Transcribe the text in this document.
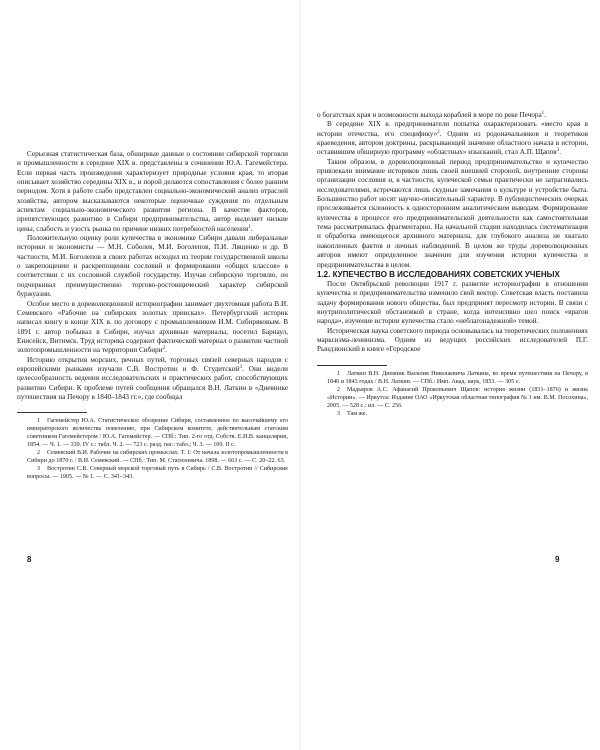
Серьезная статистическая база, обширные данные о состоянии сибирской торговли и промышленности в середине XIX в. представлены в сочинении Ю.А. Гагемейстера. Если первая часть произведения характеризует природные условия края, то вторая описывает хозяйство середины XIX в., и порой делаются сопоставления с более ранним периодом. Хотя в работе слабо представлен социально-экономический анализ отраслей хозяйства, автором высказываются некоторые оценочные суждения по отдельным аспектам социально-экономического развития региона. В качестве факторов, препятствующих развитию в Сибири предпринимательства, автор выделяет низкие цены, слабость и узость рынка по причине низких потребностей населения$^1$.

Положительную оценку роли купечества в экономике Сибири давали либеральные историки и экономисты — М.Н. Соболев, М.И. Боголепов, П.И. Лященко и др. В частности, М.И. Боголепов в своих работах исходил из теории государственной школы о закрепощении и раскрепощении сословий и формировании «общих классов» в соответствии с их сословной службой государству. Изучая сибирскую торговлю, он подчеркивал преимущественно торгово-ростовщический характер сибирской буржуазии.

Особое место в дореволюционной историографии занимает двухтомная работа В.И. Семевского «Рабочие на сибирских золотых приисках». Петербургский историк написал книгу в конце XIX в. по договору с промышленником И.М. Сибиряковым. В 1891 г. автор побывал в Сибири, изучал архивные материалы, посетил Барнаул, Енисейск, Витимск. Труд историка содержит фактический материал о развитии частной золотопромышленности на территории Сибири$^2$.

Историю открытия морских, речных путей, торговых связей северных народов с европейскими рынками изучали С.В. Востротин и Ф. Студитский$^3$. Они видели целесообразность ведения исследовательских и практических работ, способствующих развитию Сибири. К проблеме путей сообщения обращался В.Н. Латкин в «Дневнике путешествия на Печору в 1840–1843 гг.», где сообщал

1 Гагемейстер Ю.А. Статистическое обозрение Сибири, составленное по высочайшему его императорского величества повелению, при Сибирском комитете, действительным статским советником Гагемейстером / Ю.А. Гагемейстер. — СПб.: Тип. 2-го отд. Собств. Е.И.В. канцелярии, 1854. — Ч. 1. — 339. IV с.: табл. Ч. 2. — 723 с. разд. паг.: табл.; Ч. 3. — 109. II с.

2 Семевский В.И. Рабочие на сибирских промыслах. Т. 1: От начала золотопромышленности в Сибири до 1870 г. / В.И. Семевский. — СПб.: Тип. М. Стасюлевича. 1898. — 663 с. — С. 20–22. 63.

3 Востротин С.В. Северный морской торговый путь в Сибирь / С.В. Востротин // Сибирские вопросы. — 1905. — № 1. — С. 341–343.

8

о богатствах края и возможности выхода кораблей в море по реке Печора$^1$.

В середине XIX в. предприниматели попытка охарактеризовать «место края в истории отечества, его специфику»$^2$. Одним из родоначальников и теоретиков краеведения, автором доктрины, раскрывающей значение областного начала в истории, оставившим обширную программу «областных» изысканий, стал А.П. Щапов$^3$.

Таким образом, в дореволюционный период предпринимательство и купечество привлекали внимание историков лишь своей внешней стороной, внутренние стороны организации сословия и, в частности, купеческой семьи практически не затрагивались исследователями, встречаются лишь скудные замечания о культуре и устройстве быта. Большинство работ носят научно-описательный характер. В публицистических очерках прослеживается склонность к односторонним аналитическим выводам. Формирование купечества в процессе его предпринимательской деятельности как самостоятельная тема рассматривалась фрагментарно. На начальной стадии находилась систематизация и обработка имеющегося архивного материала, для глубокого анализа не хватало накопленных фактов и личных наблюдений. В целом же труды дореволюционных авторов имеют определенное значение для изучения истории купечества и предпринимательства в целом.

1.2. КУПЕЧЕСТВО В ИССЛЕДОВАНИЯХ СОВЕТСКИХ УЧЕНЫХ

После Октябрьской революции 1917 г. развитие историографии в отношении купечества и предпринимательства изменило свой вектор. Советская власть поставила задачу формирования нового общества, был предпринят пересмотр истории. В связи с внутриполитической обстановкой в стране, когда интенсивно шел поиск «врагов народа», изучение истории купечества стало «неблагонадежной» темой.

Историческая наука советского периода основывалась на теоретических положениях марксизма-ленинизма. Одним из ведущих российских исследователей П.Г. Рындзюнский в книге «Городское

1 Латкин В.Н. Дневник Василия Николаевича Латкина, во время путешествия на Печору, в 1840 и 1843 годах / В.Н. Латкин. — СПб.: Имп. Акад. наук, 1853. — 305 с.

2 Мадьяров А.С. Афанасий Прокопьевич Щапов: история жизни (1831–1876) и жизнь «Истории». — Иркутск: Издание ОАО «Иркутская областная типография № 1 им. В.М. Посохина», 2005. — 528 с.: ил. — С. 256.

3 Там же.

9
